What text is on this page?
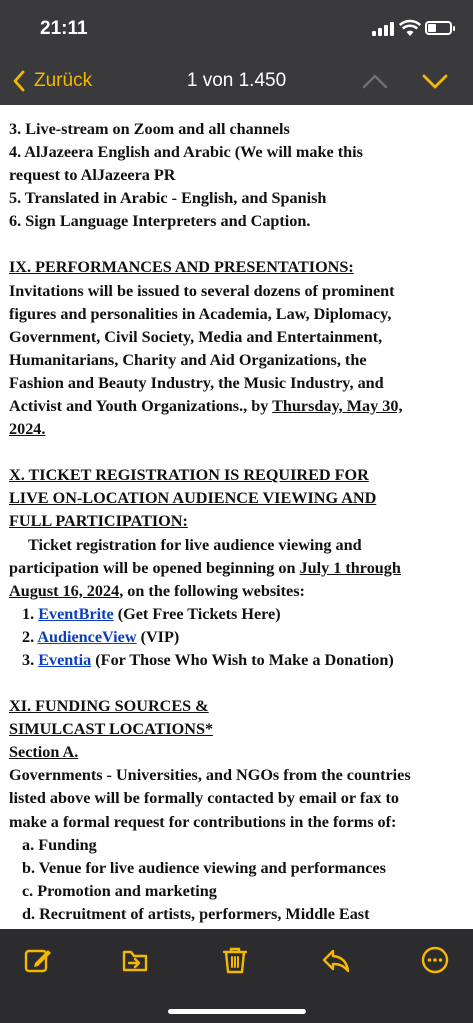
21:11
Zurück	1 von 1.450
3. Live-stream on Zoom and all channels
4. AlJazeera English and Arabic (We will make this
request to AlJazeera PR
5. Translated in Arabic - English, and Spanish
6. Sign Language Interpreters and Caption.
IX. PERFORMANCES AND PRESENTATIONS:
Invitations will be issued to several dozens of prominent
figures and personalities in Academia, Law, Diplomacy,
Government, Civil Society, Media and Entertainment,
Humanitarians, Charity and Aid Organizations, the
Fashion and Beauty Industry, the Music Industry, and
Activist and Youth Organizations., by Thursday, May 30,
2024.
X. TICKET REGISTRATION IS REQUIRED FOR
LIVE ON-LOCATION AUDIENCE VIEWING AND
FULL PARTICIPATION:
Ticket registration for live audience viewing and
participation will be opened beginning on July 1 through
August 16, 2024, on the following websites:
1. EventBrite (Get Free Tickets Here)
2. AudienceView (VIP)
3. Eventia (For Those Who Wish to Make a Donation)
XI. FUNDING SOURCES &
SIMULCAST LOCATIONS*
Section A.
Governments - Universities, and NGOs from the countries
listed above will be formally contacted by email or fax to
make a formal request for contributions in the forms of:
a. Funding
b. Venue for live audience viewing and performances
c. Promotion and marketing
d. Recruitment of artists, performers, Middle East
